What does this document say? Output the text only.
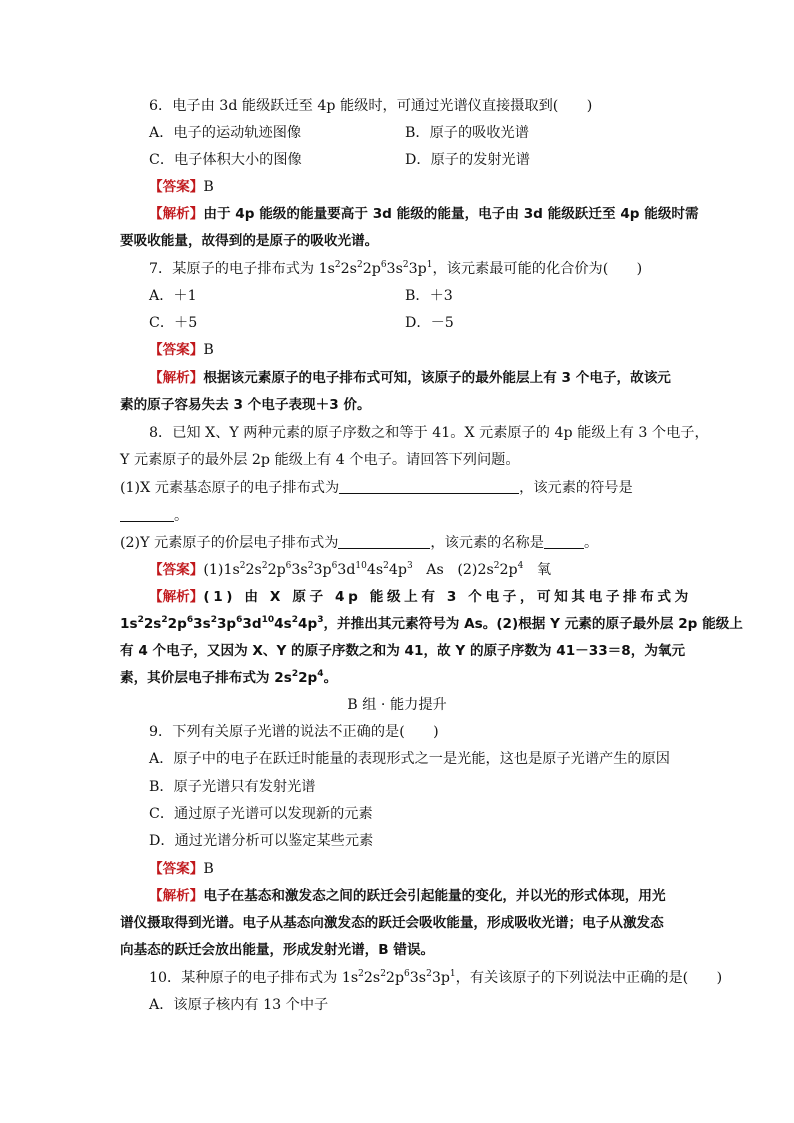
6．电子由 3d 能级跃迁至 4p 能级时，可通过光谱仪直接摄取到(　　)
A．电子的运动轨迹图像	B．原子的吸收光谱
C．电子体积大小的图像	D．原子的发射光谱
【答案】B
【解析】由于 4p 能级的能量要高于 3d 能级的能量，电子由 3d 能级跃迁至 4p 能级时需
要吸收能量，故得到的是原子的吸收光谱。
7．某原子的电子排布式为 $1s^22s^22p^63s^23p^1$，该元素最可能的化合价为(　　)
A．＋1	B．＋3
C．＋5	D．－5
【答案】B
【解析】根据该元素原子的电子排布式可知，该原子的最外能层上有 3 个电子，故该元
素的原子容易失去 3 个电子表现＋3 价。
8．已知 X、Y 两种元素的原子序数之和等于 41。X 元素原子的 4p 能级上有 3 个电子，
Y 元素原子的最外层 2p 能级上有 4 个电子。请回答下列问题。
(1)X 元素基态原子的电子排布式为	，该元素的符号是
。
(2)Y 元素原子的价层电子排布式为	，该元素的名称是	。
【答案】$(1)1s^22s^22p^63s^23p^63d^{10}4s^24p^3$ As $(2)2s^22p^4$ 氧
【解析】(1) 由 X 原子 4p 能级上有 3 个电子，可知其电子排布式为
$1s^22s^22p^63s^23p^63d^{10}4s^24p^3$，并推出其元素符号为 As。(2)根据 Y 元素的原子最外层 2p 能级上
有 4 个电子，又因为 X、Y 的原子序数之和为 41，故 Y 的原子序数为 41－33＝8，为氧元
素，其价层电子排布式为 $2s^22p^4$。
B 组 · 能力提升
9．下列有关原子光谱的说法不正确的是(　　)
A．原子中的电子在跃迁时能量的表现形式之一是光能，这也是原子光谱产生的原因
B．原子光谱只有发射光谱
C．通过原子光谱可以发现新的元素
D．通过光谱分析可以鉴定某些元素
【答案】B
【解析】电子在基态和激发态之间的跃迁会引起能量的变化，并以光的形式体现，用光
谱仪摄取得到光谱。电子从基态向激发态的跃迁会吸收能量，形成吸收光谱；电子从激发态
向基态的跃迁会放出能量，形成发射光谱，B 错误。
10．某种原子的电子排布式为 $1s^22s^22p^63s^23p^1$，有关该原子的下列说法中正确的是(　　)
A．该原子核内有 13 个中子
